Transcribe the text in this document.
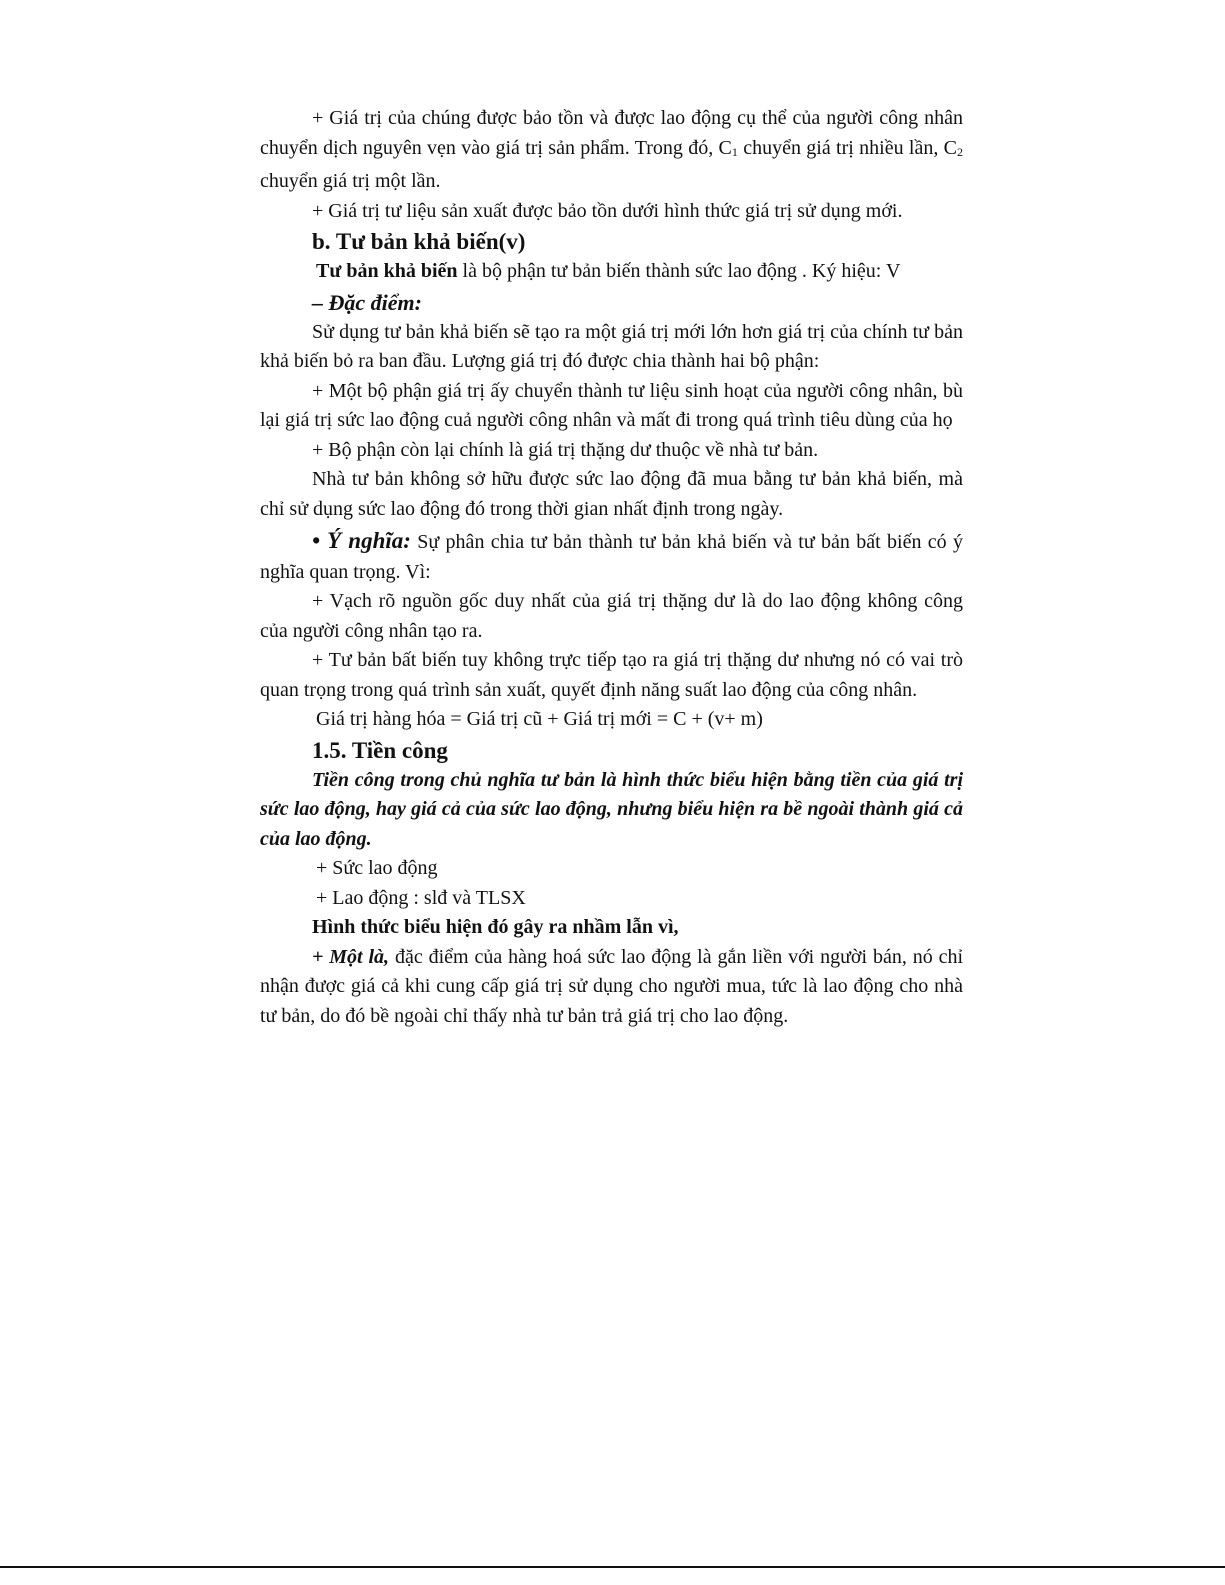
+ Giá trị của chúng được bảo tồn và được lao động cụ thể của người công nhân chuyển dịch nguyên vẹn vào giá trị sản phẩm. Trong đó, $C_1$ chuyển giá trị nhiều lần, $C_2$ chuyển giá trị một lần.

+ Giá trị tư liệu sản xuất được bảo tồn dưới hình thức giá trị sử dụng mới.

b. Tư bản khả biến(v)

Tư bản khả biến là bộ phận tư bản biến thành sức lao động . Ký hiệu: V

– Đặc điểm:

Sử dụng tư bản khả biến sẽ tạo ra một giá trị mới lớn hơn giá trị của chính tư bản khả biến bỏ ra ban đầu. Lượng giá trị đó được chia thành hai bộ phận:

+ Một bộ phận giá trị ấy chuyển thành tư liệu sinh hoạt của người công nhân, bù lại giá trị sức lao động cuả người công nhân và mất đi trong quá trình tiêu dùng của họ

+ Bộ phận còn lại chính là giá trị thặng dư thuộc về nhà tư bản.

Nhà tư bản không sở hữu được sức lao động đã mua bằng tư bản khả biến, mà chỉ sử dụng sức lao động đó trong thời gian nhất định trong ngày.

• Ý nghĩa: Sự phân chia tư bản thành tư bản khả biến và tư bản bất biến có ý nghĩa quan trọng. Vì:

+ Vạch rõ nguồn gốc duy nhất của giá trị thặng dư là do lao động không công của người công nhân tạo ra.

+ Tư bản bất biến tuy không trực tiếp tạo ra giá trị thặng dư nhưng nó có vai trò quan trọng trong quá trình sản xuất, quyết định năng suất lao động của công nhân.

Giá trị hàng hóa = Giá trị cũ + Giá trị mới = C + (v+ m)

1.5. Tiền công

Tiền công trong chủ nghĩa tư bản là hình thức biểu hiện bằng tiền của giá trị sức lao động, hay giá cả của sức lao động, nhưng biểu hiện ra bề ngoài thành giá cả của lao động.

+ Sức lao động

+ Lao động : slđ và TLSX

Hình thức biểu hiện đó gây ra nhầm lẫn vì,

+ Một là, đặc điểm của hàng hoá sức lao động là gắn liền với người bán, nó chỉ nhận được giá cả khi cung cấp giá trị sử dụng cho người mua, tức là lao động cho nhà tư bản, do đó bề ngoài chỉ thấy nhà tư bản trả giá trị cho lao động.
